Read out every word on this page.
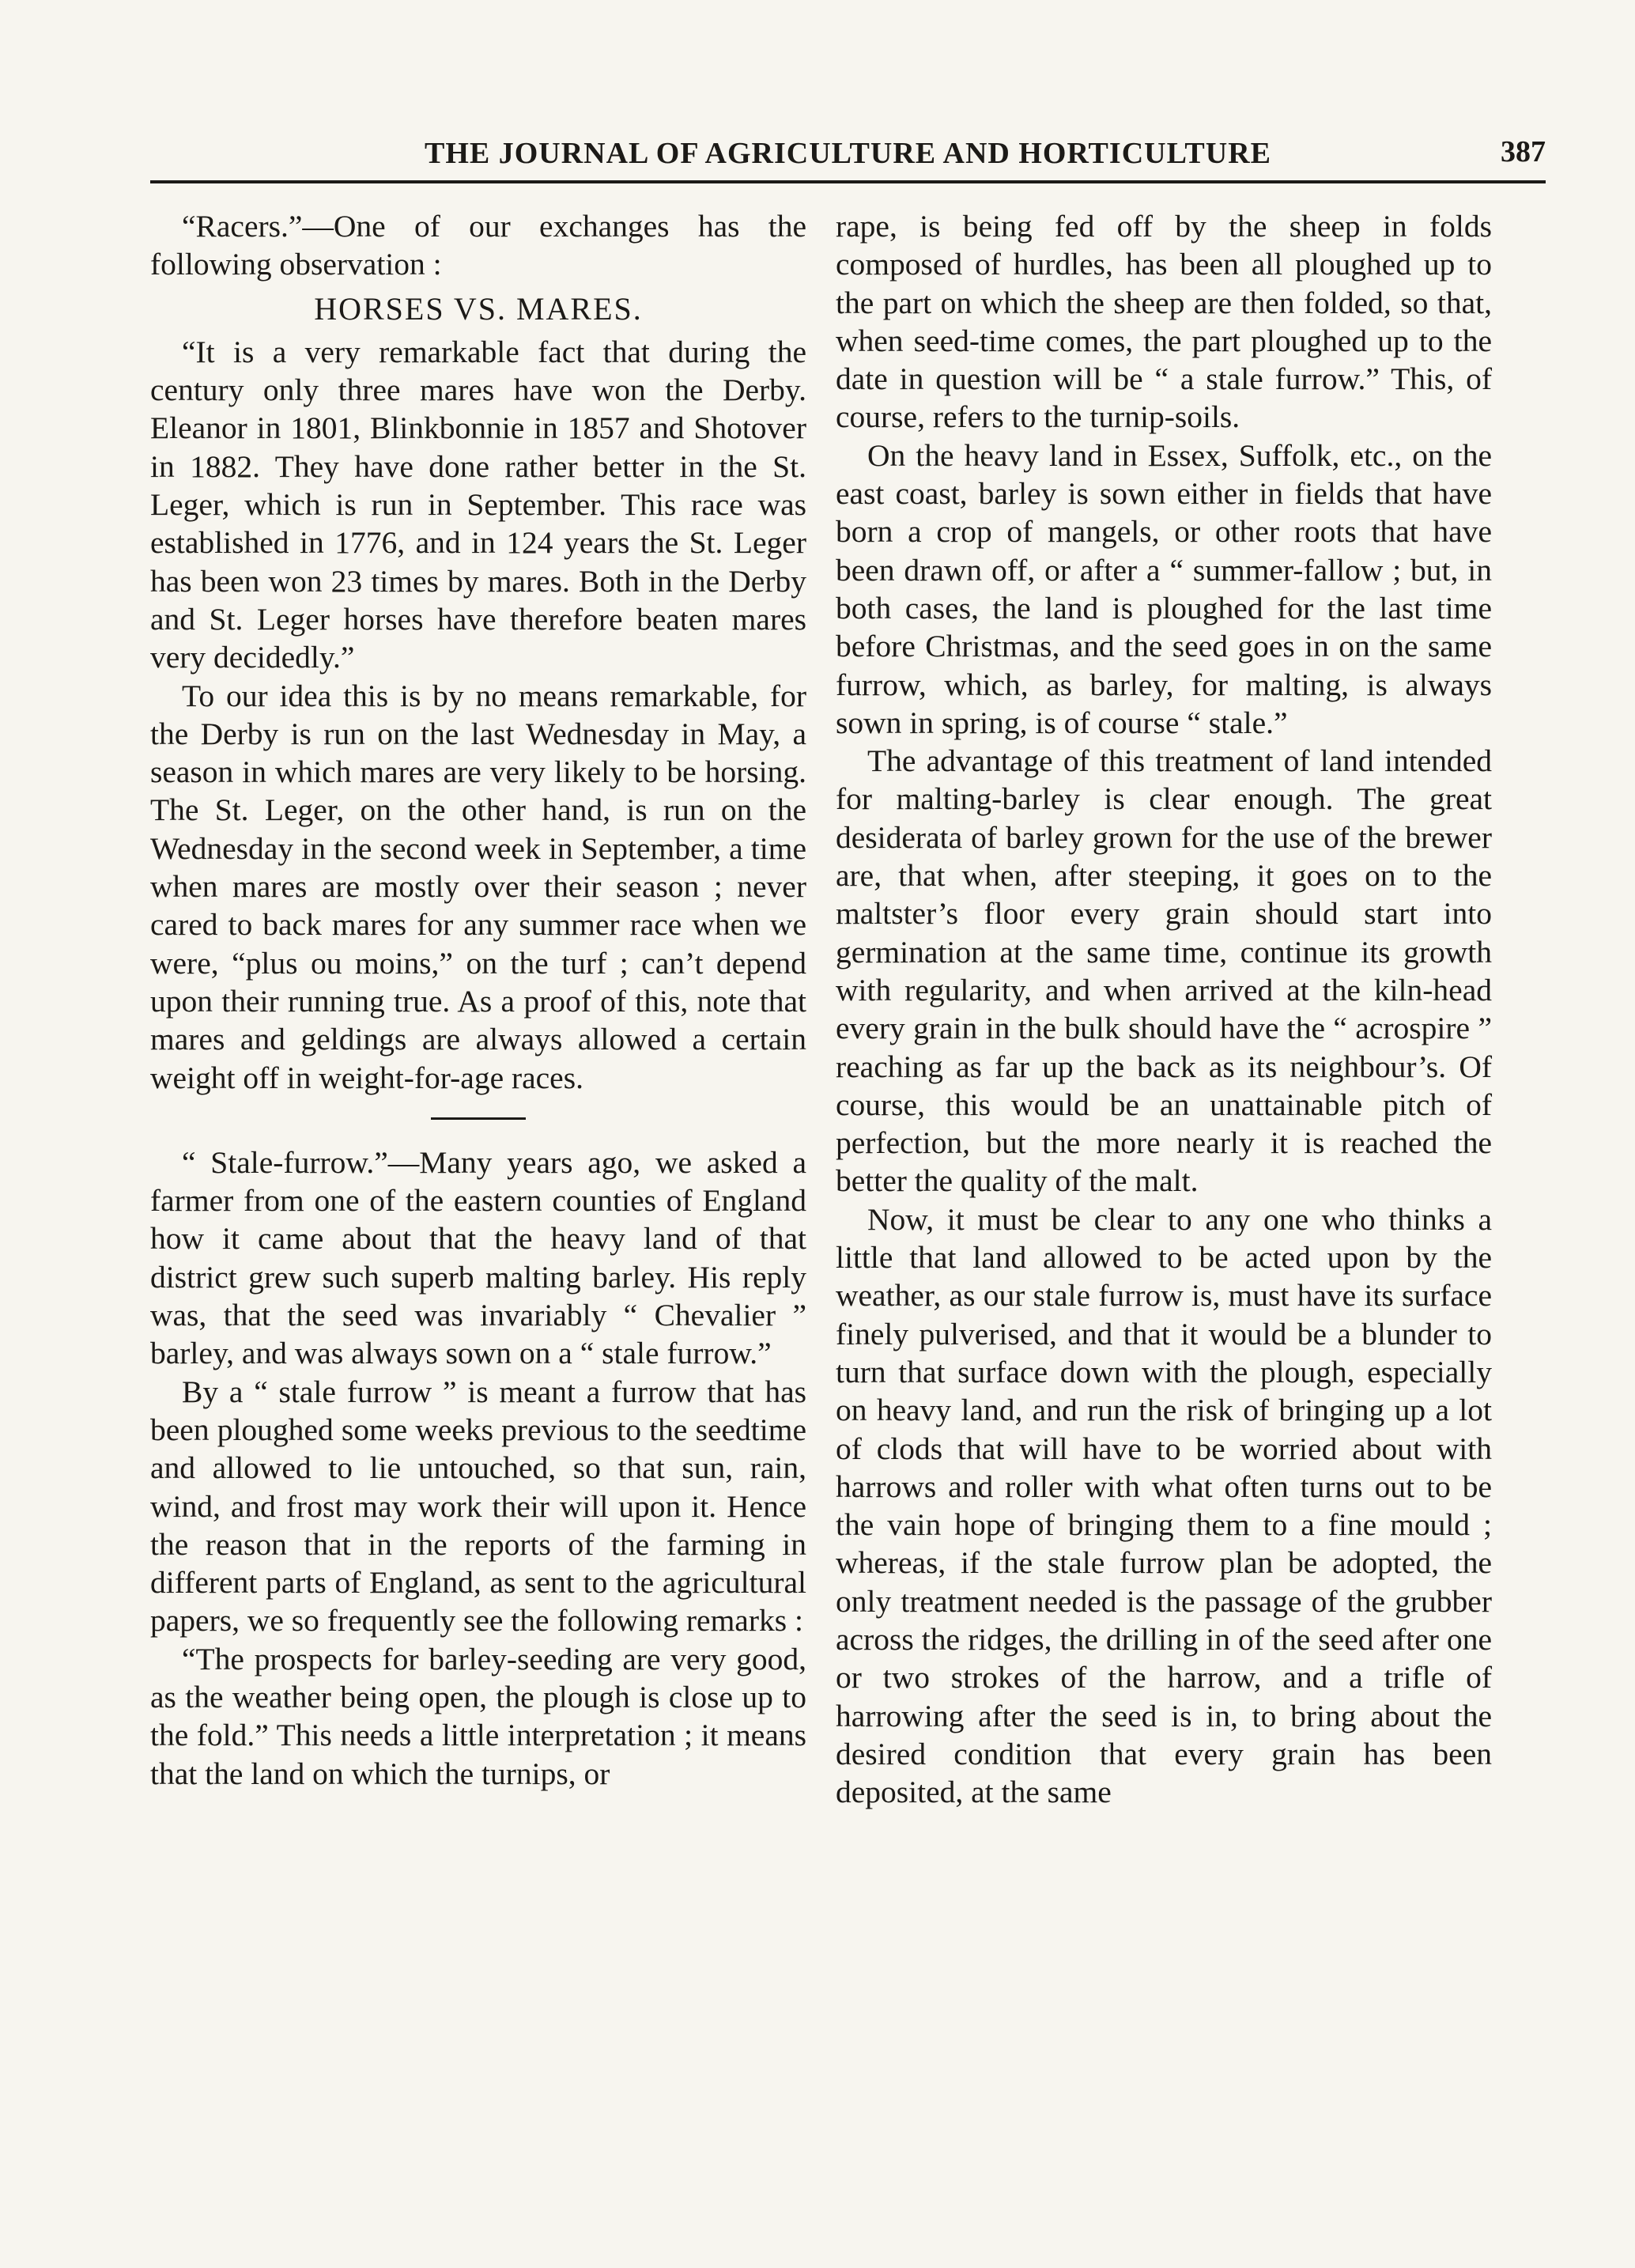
THE JOURNAL OF AGRICULTURE AND HORTICULTURE	387

“Racers.”—One of our exchanges has the following observation :

HORSES VS. MARES.

“It is a very remarkable fact that during the century only three mares have won the Derby. Eleanor in 1801, Blinkbonnie in 1857 and Shotover in 1882. They have done rather better in the St. Leger, which is run in September. This race was established in 1776, and in 124 years the St. Leger has been won 23 times by mares. Both in the Derby and St. Leger horses have therefore beaten mares very decidedly.”

To our idea this is by no means remarkable, for the Derby is run on the last Wednesday in May, a season in which mares are very likely to be horsing. The St. Leger, on the other hand, is run on the Wednesday in the second week in September, a time when mares are mostly over their season ; never cared to back mares for any summer race when we were, “plus ou moins,” on the turf ; can’t depend upon their running true. As a proof of this, note that mares and geldings are always allowed a certain weight off in weight-for-age races.

“ Stale-furrow.”—Many years ago, we asked a farmer from one of the eastern counties of England how it came about that the heavy land of that district grew such superb malting barley. His reply was, that the seed was invariably “ Chevalier ” barley, and was always sown on a “ stale furrow.”

By a “ stale furrow ” is meant a furrow that has been ploughed some weeks previous to the seedtime and allowed to lie untouched, so that sun, rain, wind, and frost may work their will upon it. Hence the reason that in the reports of the farming in different parts of England, as sent to the agricultural papers, we so frequently see the following remarks :

“The prospects for barley-seeding are very good, as the weather being open, the plough is close up to the fold.” This needs a little interpretation ; it means that the land on which the turnips, or

rape, is being fed off by the sheep in folds composed of hurdles, has been all ploughed up to the part on which the sheep are then folded, so that, when seed-time comes, the part ploughed up to the date in question will be “ a stale furrow.” This, of course, refers to the turnip-soils.

On the heavy land in Essex, Suffolk, etc., on the east coast, barley is sown either in fields that have born a crop of mangels, or other roots that have been drawn off, or after a “ summer-fallow ; but, in both cases, the land is ploughed for the last time before Christmas, and the seed goes in on the same furrow, which, as barley, for malting, is always sown in spring, is of course “ stale.”

The advantage of this treatment of land intended for malting-barley is clear enough. The great desiderata of barley grown for the use of the brewer are, that when, after steeping, it goes on to the maltster’s floor every grain should start into germination at the same time, continue its growth with regularity, and when arrived at the kiln-head every grain in the bulk should have the “ acrospire ” reaching as far up the back as its neighbour’s. Of course, this would be an unattainable pitch of perfection, but the more nearly it is reached the better the quality of the malt.

Now, it must be clear to any one who thinks a little that land allowed to be acted upon by the weather, as our stale furrow is, must have its surface finely pulverised, and that it would be a blunder to turn that surface down with the plough, especially on heavy land, and run the risk of bringing up a lot of clods that will have to be worried about with harrows and roller with what often turns out to be the vain hope of bringing them to a fine mould ; whereas, if the stale furrow plan be adopted, the only treatment needed is the passage of the grubber across the ridges, the drilling in of the seed after one or two strokes of the harrow, and a trifle of harrowing after the seed is in, to bring about the desired condition that every grain has been deposited, at the same
